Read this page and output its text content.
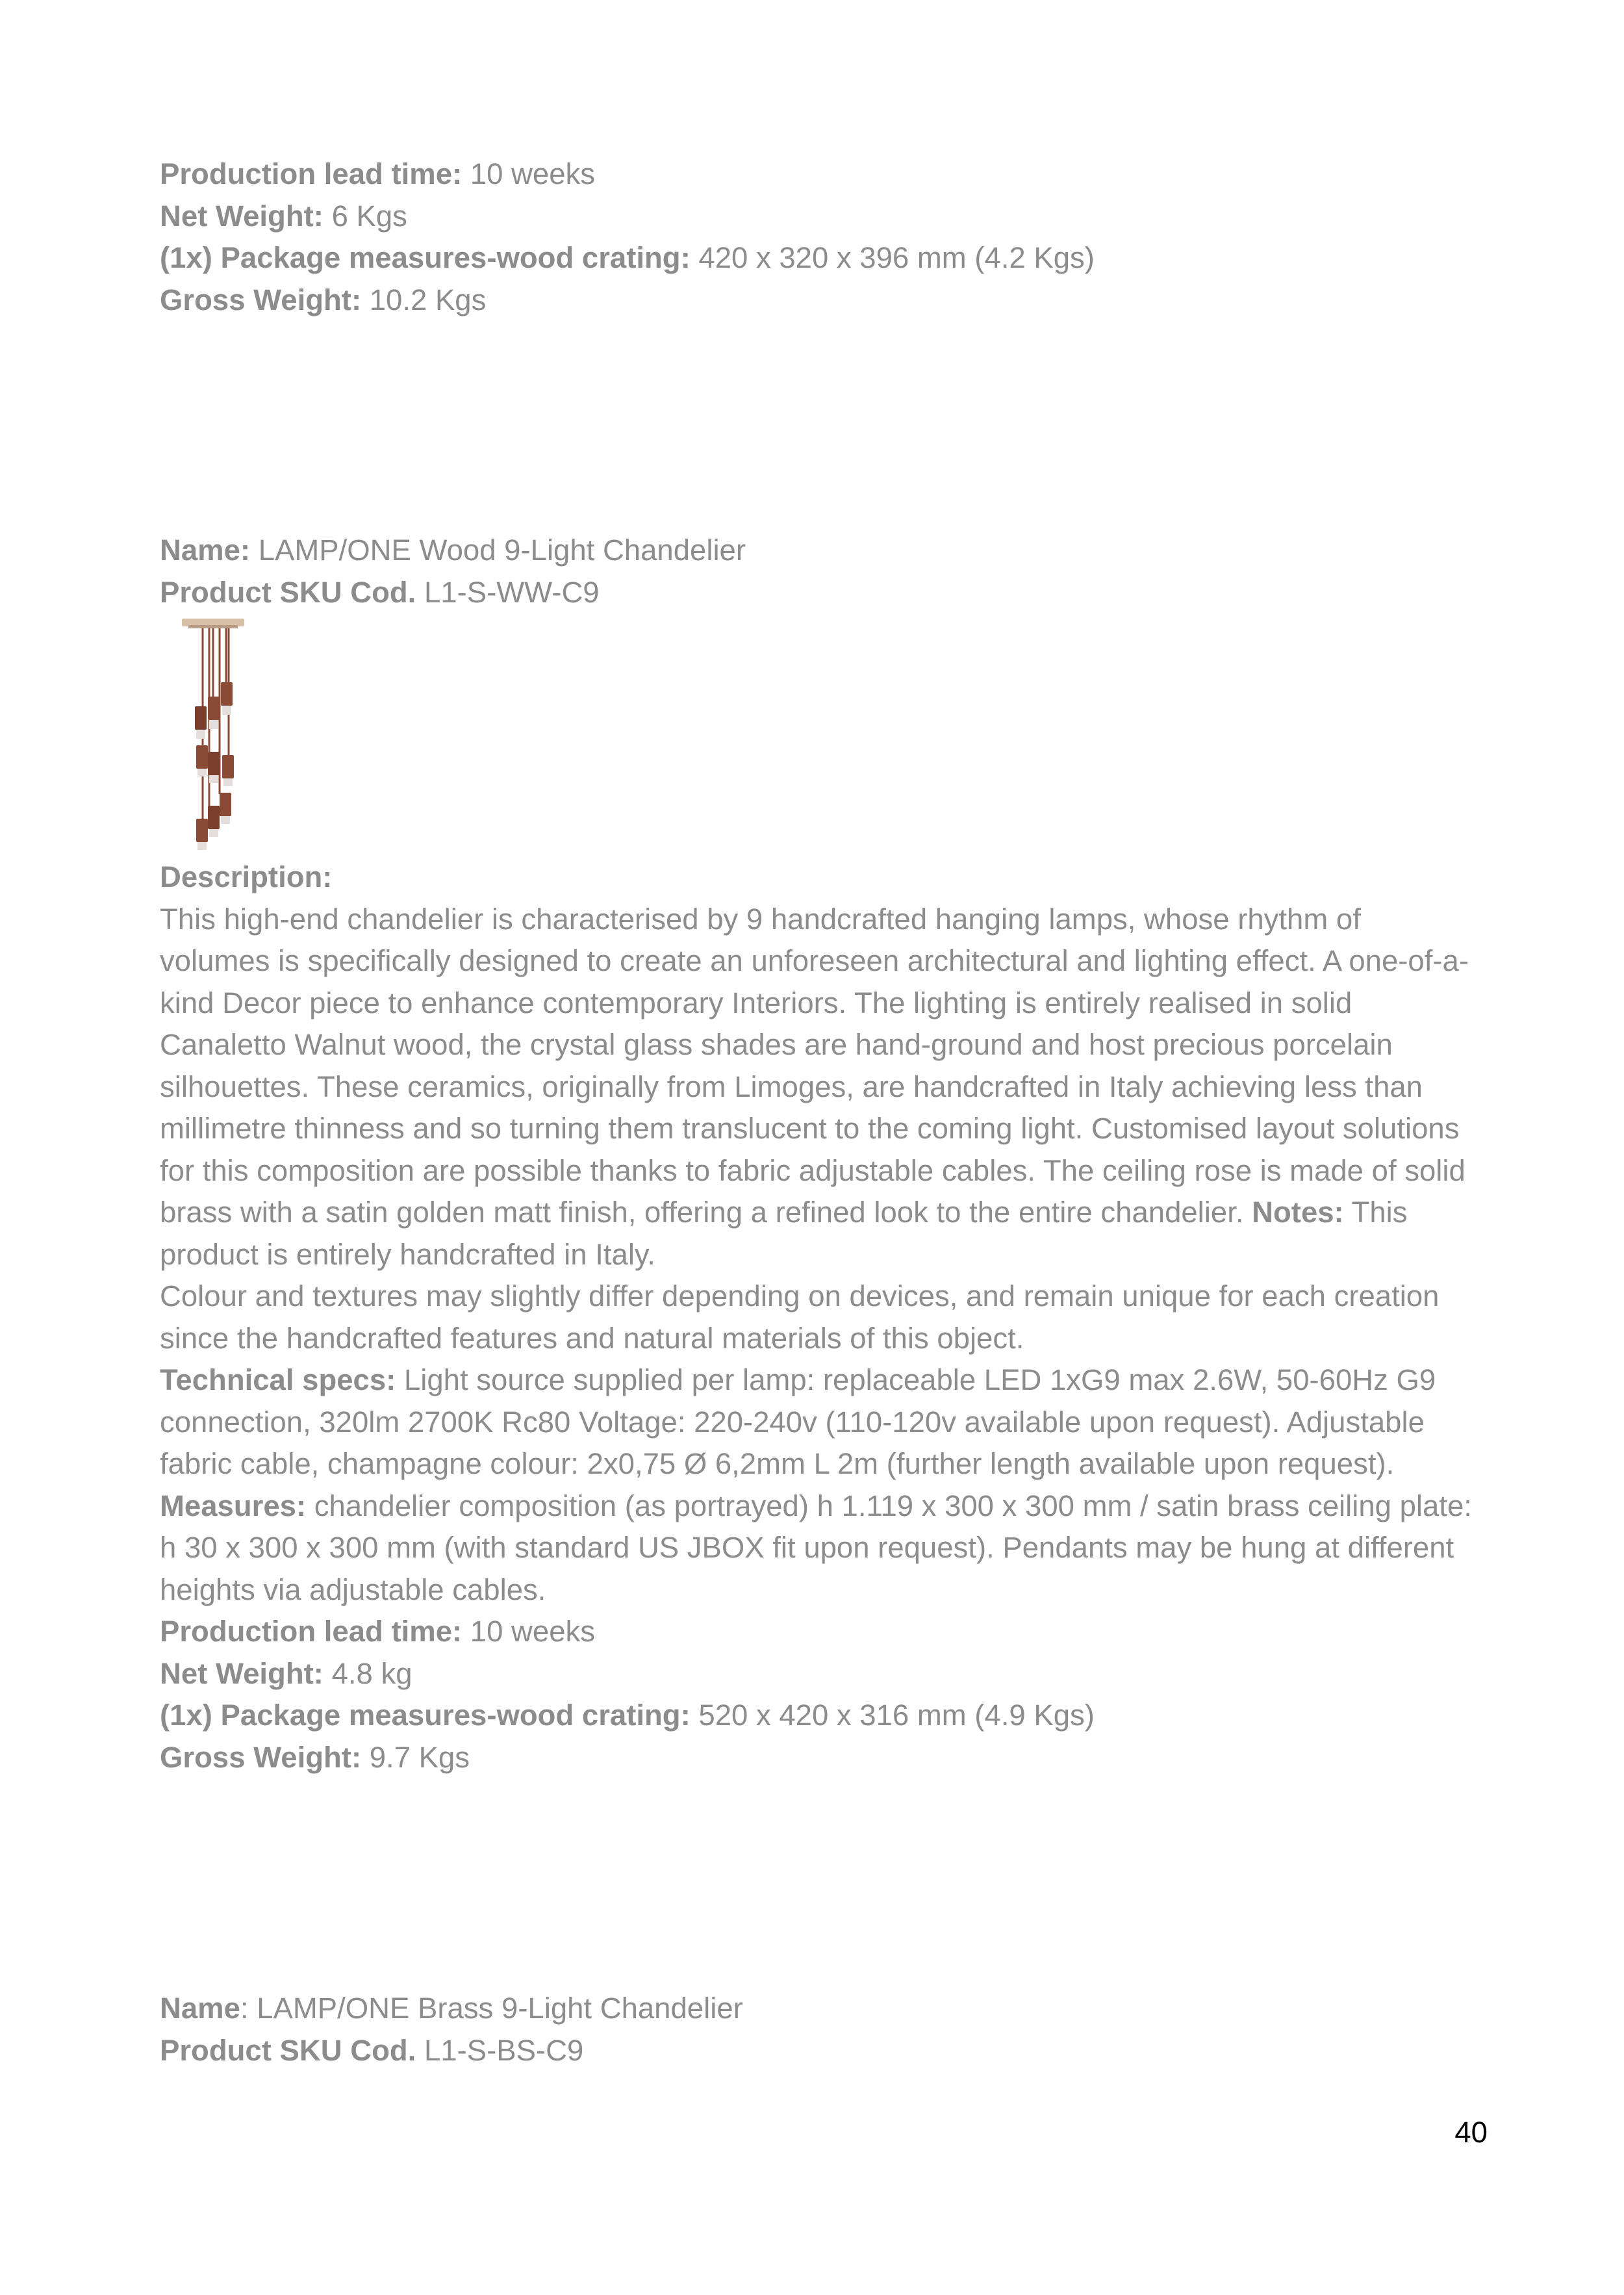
Production lead time: 10 weeks
Net Weight: 6 Kgs
(1x) Package measures-wood crating: 420 x 320 x 396 mm (4.2 Kgs)
Gross Weight: 10.2 Kgs
Name: LAMP/ONE Wood 9-Light Chandelier
Product SKU Cod. L1-S-WW-C9
Description:
This high-end chandelier is characterised by 9 handcrafted hanging lamps, whose rhythm of volumes is specifically designed to create an unforeseen architectural and lighting effect. A one-of-a-kind Decor piece to enhance contemporary Interiors. The lighting is entirely realised in solid Canaletto Walnut wood, the crystal glass shades are hand-ground and host precious porcelain silhouettes. These ceramics, originally from Limoges, are handcrafted in Italy achieving less than millimetre thinness and so turning them translucent to the coming light. Customised layout solutions for this composition are possible thanks to fabric adjustable cables. The ceiling rose is made of solid brass with a satin golden matt finish, offering a refined look to the entire chandelier. Notes: This product is entirely handcrafted in Italy.
Colour and textures may slightly differ depending on devices, and remain unique for each creation since the handcrafted features and natural materials of this object.
Technical specs: Light source supplied per lamp: replaceable LED 1xG9 max 2.6W, 50-60Hz G9 connection, 320lm 2700K Rc80 Voltage: 220-240v (110-120v available upon request). Adjustable fabric cable, champagne colour: 2x0,75 Ø 6,2mm L 2m (further length available upon request).
Measures: chandelier composition (as portrayed) h 1.119 x 300 x 300 mm / satin brass ceiling plate: h 30 x 300 x 300 mm (with standard US JBOX fit upon request). Pendants may be hung at different heights via adjustable cables.
Production lead time: 10 weeks
Net Weight: 4.8 kg
(1x) Package measures-wood crating: 520 x 420 x 316 mm (4.9 Kgs)
Gross Weight: 9.7 Kgs
Name: LAMP/ONE Brass 9-Light Chandelier
Product SKU Cod. L1-S-BS-C9
40
